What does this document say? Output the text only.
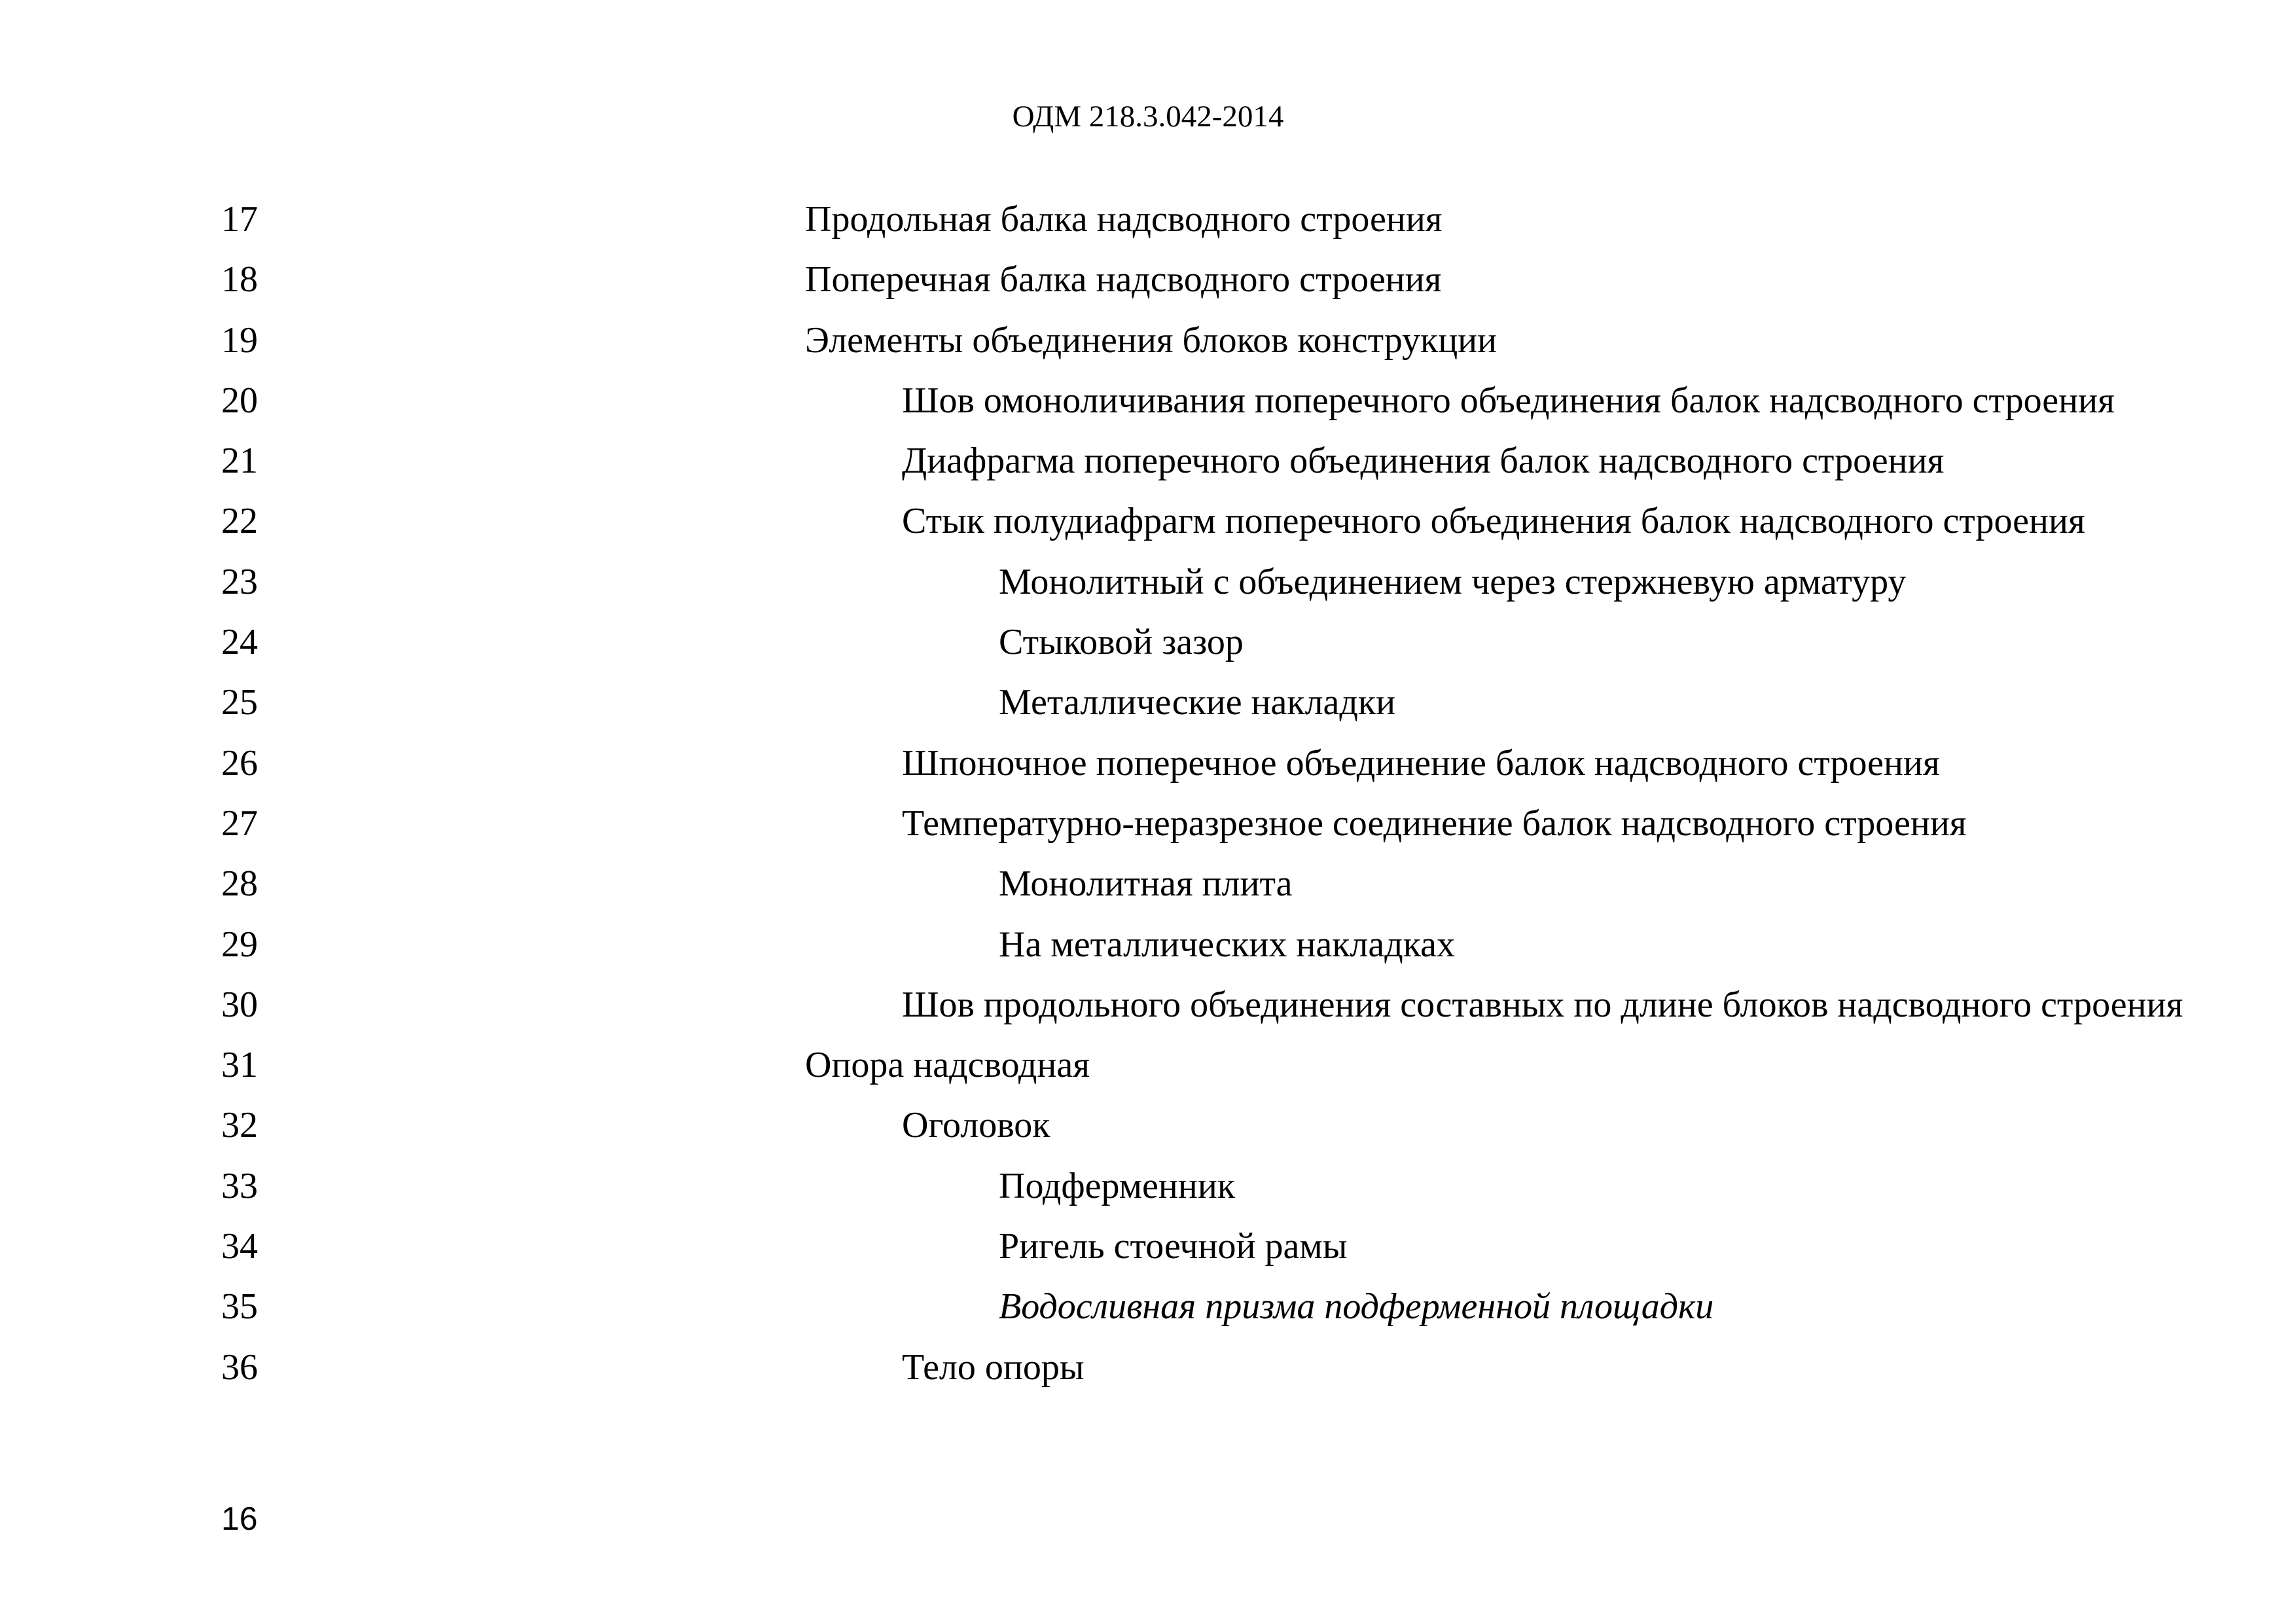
ОДМ 218.3.042-2014
17	Продольная балка надсводного строения
18	Поперечная балка надсводного строения
19	Элементы объединения блоков конструкции
20	Шов омоноличивания поперечного объединения балок надсводного строения
21	Диафрагма поперечного объединения балок надсводного строения
22	Стык полудиафрагм поперечного объединения балок надсводного строения
23	Монолитный с объединением через стержневую арматуру
24	Стыковой зазор
25	Металлические накладки
26	Шпоночное поперечное объединение балок надсводного строения
27	Температурно-неразрезное соединение балок надсводного строения
28	Монолитная плита
29	На металлических накладках
30	Шов продольного объединения составных по длине блоков надсводного строения
31	Опора надсводная
32	Оголовок
33	Подферменник
34	Ригель стоечной рамы
35	Водосливная призма подферменной площадки
36	Тело опоры
16
